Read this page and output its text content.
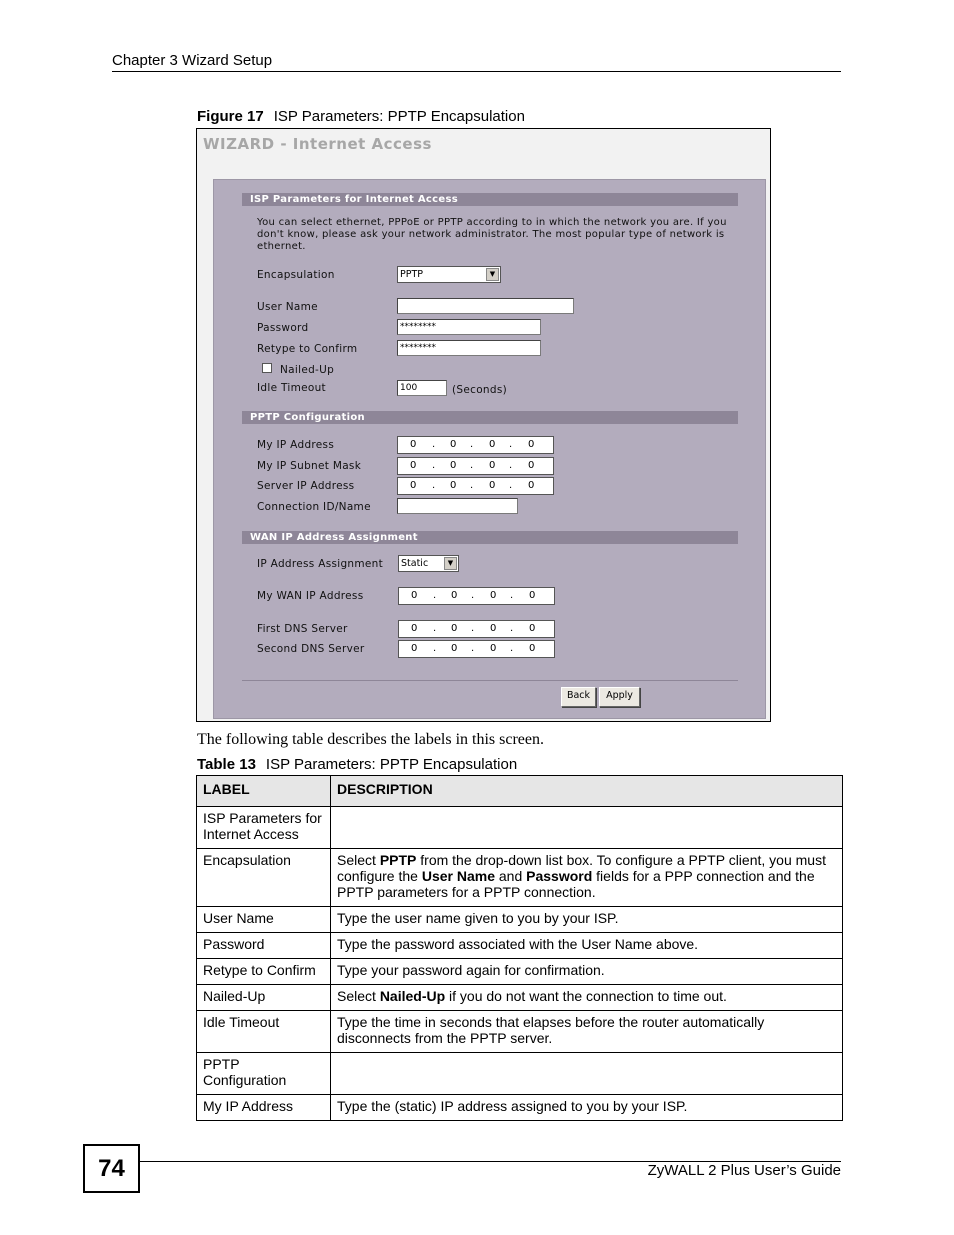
Chapter 3 Wizard Setup
Figure 17 ISP Parameters: PPTP Encapsulation
WIZARD - Internet Access
ISP Parameters for Internet Access
You can select ethernet, PPPoE or PPTP according to in which the network you are. If you don't know, please ask your network administrator. The most popular type of network is ethernet.
Encapsulation	PPTP	▼
User Name
Password	********
Retype to Confirm	********
Nailed-Up
Idle Timeout	100	(Seconds)
PPTP Configuration
My IP Address	0	0	0	0
.	.	.
My IP Subnet Mask	0	0	0	0
.	.	.
Server IP Address	0	0	0	0
.	.	.
Connection ID/Name
WAN IP Address Assignment
IP Address Assignment	Static	▼
My WAN IP Address	0	0	0	0
.	.	.
First DNS Server	0	0	0	0
.	.	.
Second DNS Server	0	0	0	0
.	.	.
Back	Apply
The following table describes the labels in this screen.
Table 13 ISP Parameters: PPTP Encapsulation
LABEL	DESCRIPTION
ISP Parameters for Internet Access	
Encapsulation	Select PPTP from the drop-down list box. To configure a PPTP client, you must configure the User Name and Password fields for a PPP connection and the PPTP parameters for a PPTP connection.
User Name	Type the user name given to you by your ISP.
Password	Type the password associated with the User Name above.
Retype to Confirm	Type your password again for confirmation.
Nailed-Up	Select Nailed-Up if you do not want the connection to time out.
Idle Timeout	Type the time in seconds that elapses before the router automatically disconnects from the PPTP server.
PPTP Configuration	
My IP Address	Type the (static) IP address assigned to you by your ISP.
74	ZyWALL 2 Plus User’s Guide
